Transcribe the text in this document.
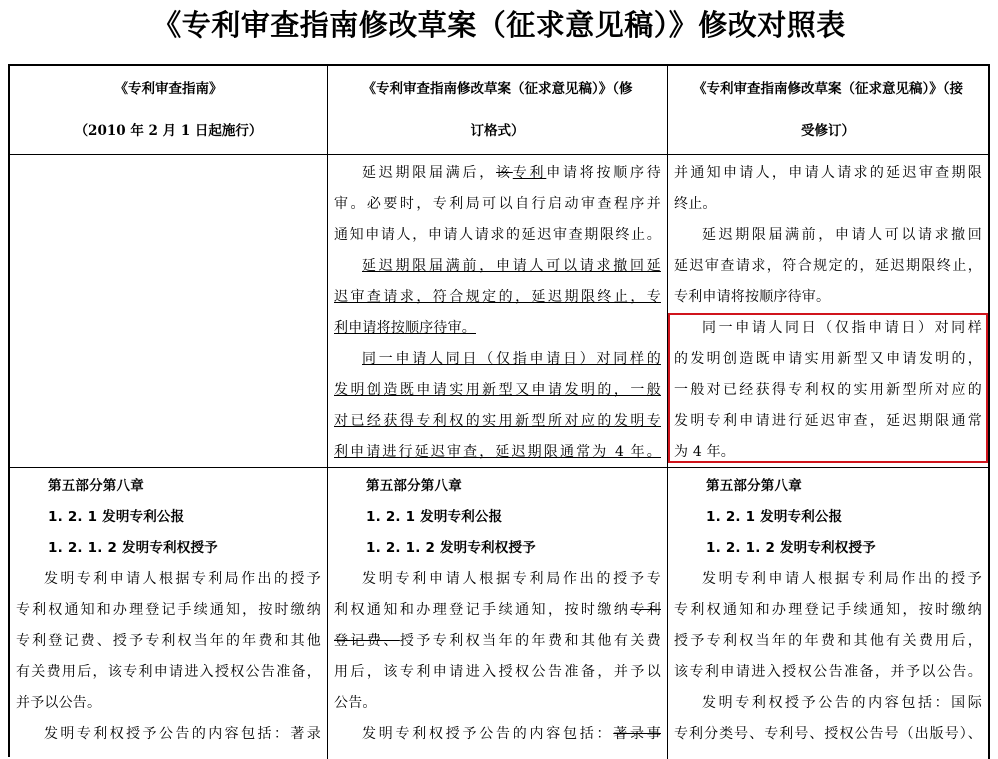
《专利审查指南修改草案（征求意见稿）》修改对照表
《专利审查指南》
（2010 年 2 月 1 日起施行）
《专利审查指南修改草案（征求意见稿）》（修
订格式）
《专利审查指南修改草案（征求意见稿）》（接
受修订）
延迟期限届满后，该专利申请将按顺序待
审。必要时，专利局可以自行启动审查程序并
通知申请人，申请人请求的延迟审查期限终止。
延迟期限届满前，申请人可以请求撤回延
迟审查请求，符合规定的，延迟期限终止，专
利申请将按顺序待审。
同一申请人同日（仅指申请日）对同样的
发明创造既申请实用新型又申请发明的，一般
对已经获得专利权的实用新型所对应的发明专
利申请进行延迟审查，延迟期限通常为 4 年。
并通知申请人，申请人请求的延迟审查期限
终止。
延迟期限届满前，申请人可以请求撤回
延迟审查请求，符合规定的，延迟期限终止，
专利申请将按顺序待审。
同一申请人同日（仅指申请日）对同样
的发明创造既申请实用新型又申请发明的，
一般对已经获得专利权的实用新型所对应的
发明专利申请进行延迟审查，延迟期限通常
为 4 年。
第五部分第八章
1. 2. 1 发明专利公报
1. 2. 1. 2 发明专利权授予
发明专利申请人根据专利局作出的授予
专利权通知和办理登记手续通知，按时缴纳
专利登记费、授予专利权当年的年费和其他
有关费用后，该专利申请进入授权公告准备，
并予以公告。
发明专利权授予公告的内容包括：著录
第五部分第八章
1. 2. 1 发明专利公报
1. 2. 1. 2 发明专利权授予
发明专利申请人根据专利局作出的授予专
利权通知和办理登记手续通知，按时缴纳专利
登记费、授予专利权当年的年费和其他有关费
用后，该专利申请进入授权公告准备，并予以
公告。
发明专利权授予公告的内容包括：著录事
第五部分第八章
1. 2. 1 发明专利公报
1. 2. 1. 2 发明专利权授予
发明专利申请人根据专利局作出的授予
专利权通知和办理登记手续通知，按时缴纳
授予专利权当年的年费和其他有关费用后，
该专利申请进入授权公告准备，并予以公告。
发明专利权授予公告的内容包括：国际
专利分类号、专利号、授权公告号（出版号）、
